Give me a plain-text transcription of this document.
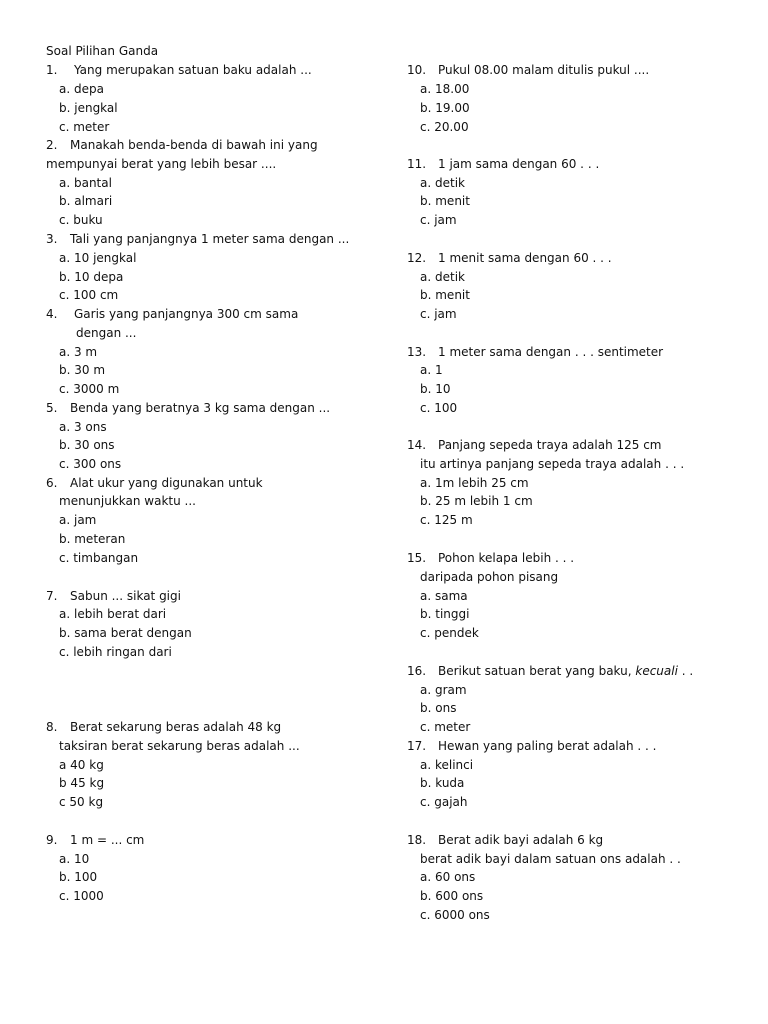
Soal Pilihan Ganda
1. Yang merupakan satuan baku adalah ...
a. depa
b. jengkal
c. meter
2. Manakah benda-benda di bawah ini yang
mempunyai berat yang lebih besar ....
a. bantal
b. almari
c. buku
3. Tali yang panjangnya 1 meter sama dengan ...
a. 10 jengkal
b. 10 depa
c. 100 cm
4. Garis yang panjangnya 300 cm sama
dengan ...
a. 3 m
b. 30 m
c. 3000 m
5. Benda yang beratnya 3 kg sama dengan ...
a. 3 ons
b. 30 ons
c. 300 ons
6. Alat ukur yang digunakan untuk
menunjukkan waktu ...
a. jam
b. meteran
c. timbangan
7. Sabun ... sikat gigi
a. lebih berat dari
b. sama berat dengan
c. lebih ringan dari
8. Berat sekarung beras adalah 48 kg
taksiran berat sekarung beras adalah ...
a 40 kg
b 45 kg
c 50 kg
9. 1 m = ... cm
a. 10
b. 100
c. 1000
10. Pukul 08.00 malam ditulis pukul ....
a. 18.00
b. 19.00
c. 20.00
11. 1 jam sama dengan 60 . . .
a. detik
b. menit
c. jam
12. 1 menit sama dengan 60 . . .
a. detik
b. menit
c. jam
13. 1 meter sama dengan . . . sentimeter
a. 1
b. 10
c. 100
14. Panjang sepeda traya adalah 125 cm
itu artinya panjang sepeda traya adalah . . .
a. 1m lebih 25 cm
b. 25 m lebih 1 cm
c. 125 m
15. Pohon kelapa lebih . . .
daripada pohon pisang
a. sama
b. tinggi
c. pendek
16. Berikut satuan berat yang baku, kecuali . .
a. gram
b. ons
c. meter
17. Hewan yang paling berat adalah . . .
a. kelinci
b. kuda
c. gajah
18. Berat adik bayi adalah 6 kg
berat adik bayi dalam satuan ons adalah . .
a. 60 ons
b. 600 ons
c. 6000 ons
